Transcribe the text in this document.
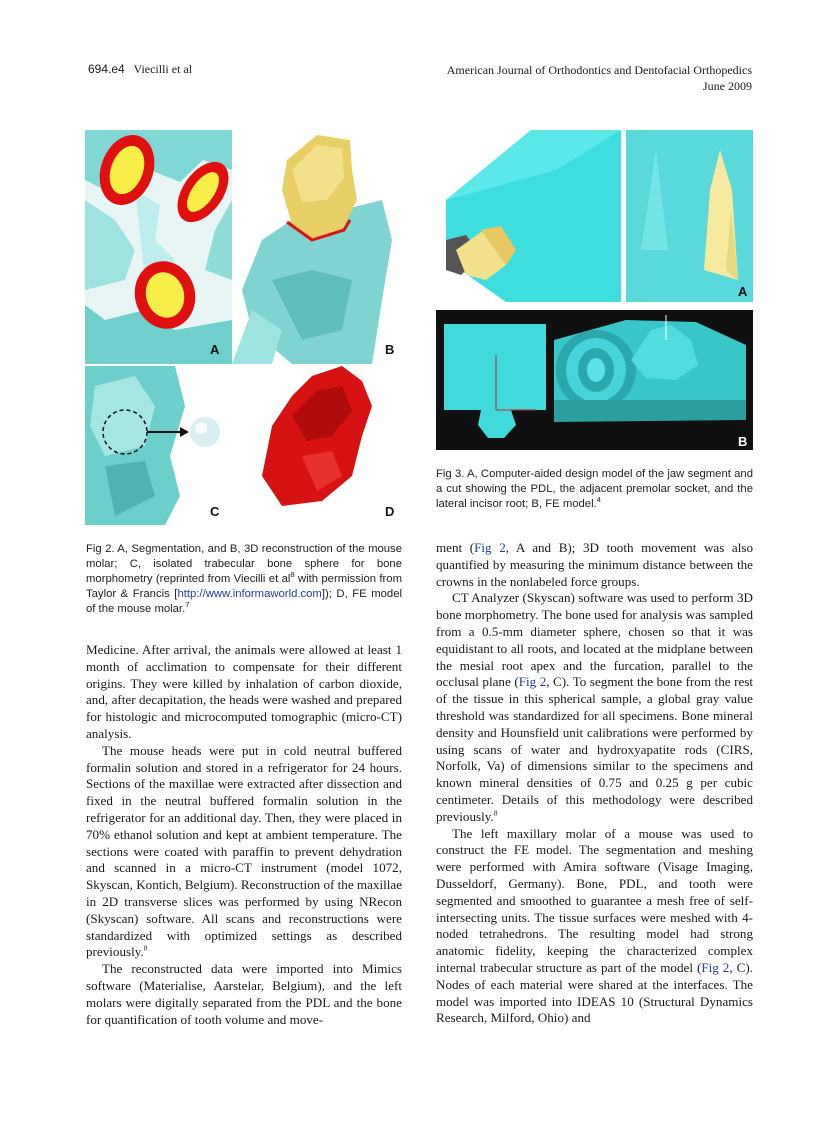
694.e4 Viecilli et al	American Journal of Orthodontics and Dentofacial Orthopedics
June 2009
A	B
C	D
Fig 2. A, Segmentation, and B, 3D reconstruction of the mouse molar; C, isolated trabecular bone sphere for bone morphometry (reprinted from Viecilli et $al^8$ with permission from Taylor & Francis [http://www.informaworld.com]); D, FE model of the mouse molar.$^7$
A
B
Fig 3. A, Computer-aided design model of the jaw segment and a cut showing the PDL, the adjacent premolar socket, and the lateral incisor root; B, FE model.$^4$

Medicine. After arrival, the animals were allowed at least 1 month of acclimation to compensate for their different origins. They were killed by inhalation of carbon dioxide, and, after decapitation, the heads were washed and prepared for histologic and microcomputed tomographic (micro-CT) analysis.

The mouse heads were put in cold neutral buffered formalin solution and stored in a refrigerator for 24 hours. Sections of the maxillae were extracted after dissection and fixed in the neutral buffered formalin solution in the refrigerator for an additional day. Then, they were placed in 70% ethanol solution and kept at ambient temperature. The sections were coated with paraffin to prevent dehydration and scanned in a micro-CT instrument (model 1072, Skyscan, Kontich, Belgium). Reconstruction of the maxillae in 2D transverse slices was performed by using NRecon (Skyscan) software. All scans and reconstructions were standardized with optimized settings as described previously.$^8$

The reconstructed data were imported into Mimics software (Materialise, Aarstelar, Belgium), and the left molars were digitally separated from the PDL and the bone for quantification of tooth volume and move-

ment (Fig 2, A and B); 3D tooth movement was also quantified by measuring the minimum distance between the crowns in the nonlabeled force groups.

CT Analyzer (Skyscan) software was used to perform 3D bone morphometry. The bone used for analysis was sampled from a 0.5-mm diameter sphere, chosen so that it was equidistant to all roots, and located at the midplane between the mesial root apex and the furcation, parallel to the occlusal plane (Fig 2, C). To segment the bone from the rest of the tissue in this spherical sample, a global gray value threshold was standardized for all specimens. Bone mineral density and Hounsfield unit calibrations were performed by using scans of water and hydroxyapatite rods (CIRS, Norfolk, Va) of dimensions similar to the specimens and known mineral densities of 0.75 and 0.25 g per cubic centimeter. Details of this methodology were described previously.$^8$

The left maxillary molar of a mouse was used to construct the FE model. The segmentation and meshing were performed with Amira software (Visage Imaging, Dusseldorf, Germany). Bone, PDL, and tooth were segmented and smoothed to guarantee a mesh free of self-intersecting units. The tissue surfaces were meshed with 4-noded tetrahedrons. The resulting model had strong anatomic fidelity, keeping the characterized complex internal trabecular structure as part of the model (Fig 2, C). Nodes of each material were shared at the interfaces. The model was imported into IDEAS 10 (Structural Dynamics Research, Milford, Ohio) and
